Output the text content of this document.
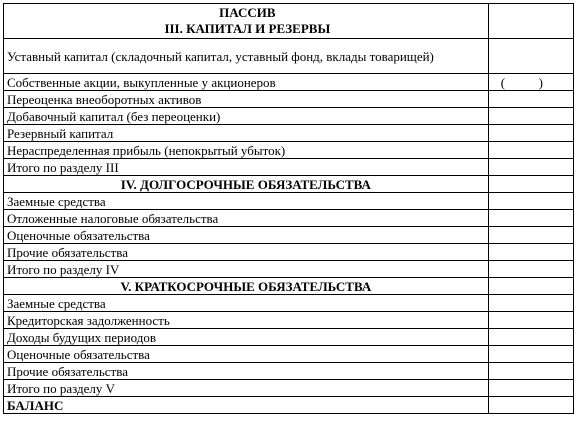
ПАССИВ
III. КАПИТАЛ И РЕЗЕРВЫ	

Уставный капитал (складочный капитал, уставный фонд, вклады товарищей)	
Собственные акции, выкупленные у акционеров	( )

Переоценка внеоборотных активов	
Добавочный капитал (без переоценки)	
Резервный капитал	
Нераспределенная прибыль (непокрытый убыток)	
Итого по разделу III	
IV. ДОЛГОСРОЧНЫЕ ОБЯЗАТЕЛЬСТВА	
Заемные средства	
Отложенные налоговые обязательства	
Оценочные обязательства	
Прочие обязательства	
Итого по разделу IV	
V. КРАТКОСРОЧНЫЕ ОБЯЗАТЕЛЬСТВА	
Заемные средства	
Кредиторская задолженность	
Доходы будущих периодов	
Оценочные обязательства	
Прочие обязательства	
Итого по разделу V	
БАЛАНС	
